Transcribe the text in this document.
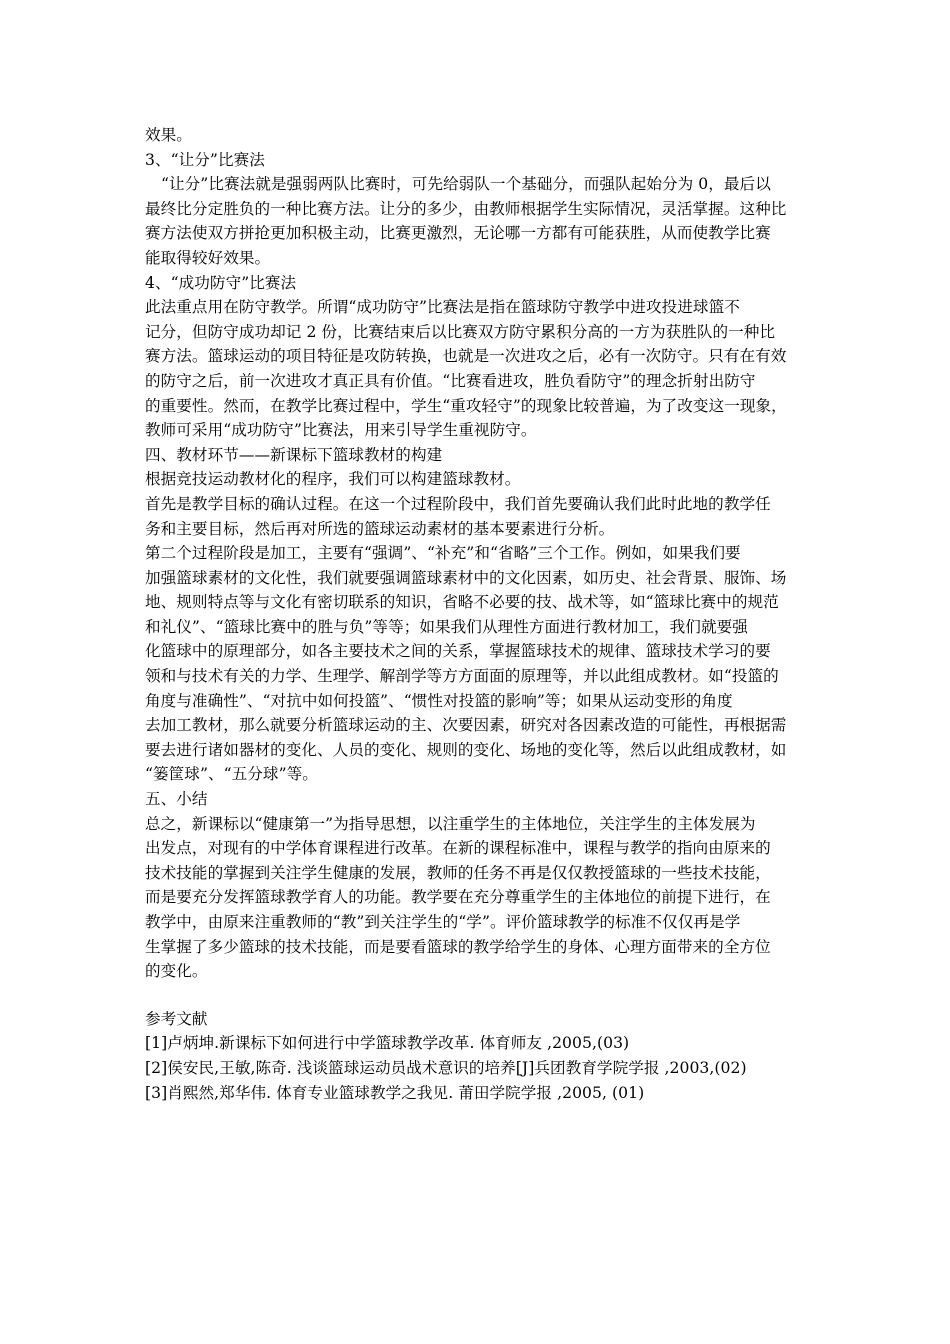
效果。
3、“让分”比赛法
“让分”比赛法就是强弱两队比赛时，可先给弱队一个基础分，而强队起始分为 0，最后以
最终比分定胜负的一种比赛方法。让分的多少，由教师根据学生实际情况，灵活掌握。这种比
赛方法使双方拼抢更加积极主动，比赛更激烈，无论哪一方都有可能获胜，从而使教学比赛
能取得较好效果。
4、“成功防守”比赛法
此法重点用在防守教学。所谓“成功防守”比赛法是指在篮球防守教学中进攻投进球篮不
记分，但防守成功却记 2 份，比赛结束后以比赛双方防守累积分高的一方为获胜队的一种比
赛方法。篮球运动的项目特征是攻防转换，也就是一次进攻之后，必有一次防守。只有在有效
的防守之后，前一次进攻才真正具有价值。“比赛看进攻，胜负看防守”的理念折射出防守
的重要性。然而，在教学比赛过程中，学生“重攻轻守”的现象比较普遍，为了改变这一现象，
教师可采用“成功防守”比赛法，用来引导学生重视防守。
四、教材环节——新课标下篮球教材的构建
根据竞技运动教材化的程序，我们可以构建篮球教材。
首先是教学目标的确认过程。在这一个过程阶段中，我们首先要确认我们此时此地的教学任
务和主要目标，然后再对所选的篮球运动素材的基本要素进行分析。
第二个过程阶段是加工，主要有“强调”、“补充”和“省略”三个工作。例如，如果我们要
加强篮球素材的文化性，我们就要强调篮球素材中的文化因素，如历史、社会背景、服饰、场
地、规则特点等与文化有密切联系的知识，省略不必要的技、战术等，如“篮球比赛中的规范
和礼仪”、“篮球比赛中的胜与负”等等；如果我们从理性方面进行教材加工，我们就要强
化篮球中的原理部分，如各主要技术之间的关系，掌握篮球技术的规律、篮球技术学习的要
领和与技术有关的力学、生理学、解剖学等方方面面的原理等，并以此组成教材。如“投篮的
角度与准确性”、“对抗中如何投篮”、“惯性对投篮的影响”等；如果从运动变形的角度
去加工教材，那么就要分析篮球运动的主、次要因素，研究对各因素改造的可能性，再根据需
要去进行诸如器材的变化、人员的变化、规则的变化、场地的变化等，然后以此组成教材，如
“篓筐球”、“五分球”等。
五、小结
总之，新课标以“健康第一”为指导思想，以注重学生的主体地位，关注学生的主体发展为
出发点，对现有的中学体育课程进行改革。在新的课程标准中，课程与教学的指向由原来的
技术技能的掌握到关注学生健康的发展，教师的任务不再是仅仅教授篮球的一些技术技能，
而是要充分发挥篮球教学育人的功能。教学要在充分尊重学生的主体地位的前提下进行，在
教学中，由原来注重教师的“教”到关注学生的“学”。评价篮球教学的标准不仅仅再是学
生掌握了多少篮球的技术技能，而是要看篮球的教学给学生的身体、心理方面带来的全方位
的变化。
参考文献
[1]卢炳坤.新课标下如何进行中学篮球教学改革. 体育师友 ,2005,(03)
[2]侯安民,王敏,陈奇. 浅谈篮球运动员战术意识的培养[J]兵团教育学院学报 ,2003,(02)
[3]肖熙然,郑华伟. 体育专业篮球教学之我见. 莆田学院学报 ,2005, (01)
